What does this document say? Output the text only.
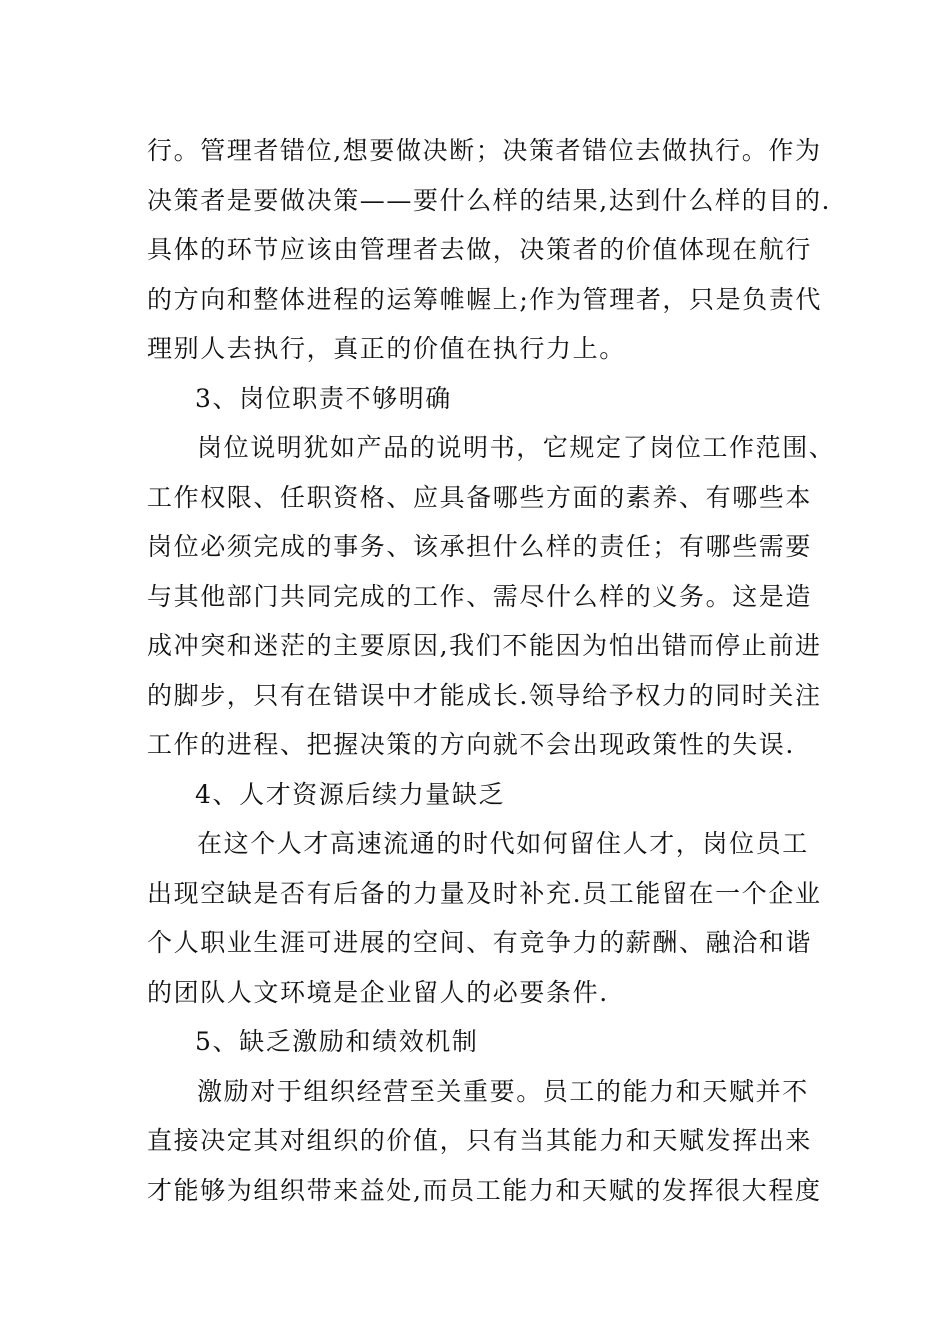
行。管理者错位,想要做决断；决策者错位去做执行。作为
决策者是要做决策——要什么样的结果,达到什么样的目的.
具体的环节应该由管理者去做，决策者的价值体现在航行
的方向和整体进程的运筹帷幄上;作为管理者，只是负责代
理别人去执行，真正的价值在执行力上。
3、岗位职责不够明确
岗位说明犹如产品的说明书，它规定了岗位工作范围、
工作权限、任职资格、应具备哪些方面的素养、有哪些本
岗位必须完成的事务、该承担什么样的责任；有哪些需要
与其他部门共同完成的工作、需尽什么样的义务。这是造
成冲突和迷茫的主要原因,我们不能因为怕出错而停止前进
的脚步，只有在错误中才能成长.领导给予权力的同时关注
工作的进程、把握决策的方向就不会出现政策性的失误.
4、人才资源后续力量缺乏
在这个人才高速流通的时代如何留住人才，岗位员工
出现空缺是否有后备的力量及时补充.员工能留在一个企业
个人职业生涯可进展的空间、有竞争力的薪酬、融洽和谐
的团队人文环境是企业留人的必要条件.
5、缺乏激励和绩效机制
激励对于组织经营至关重要。员工的能力和天赋并不
直接决定其对组织的价值，只有当其能力和天赋发挥出来
才能够为组织带来益处,而员工能力和天赋的发挥很大程度
